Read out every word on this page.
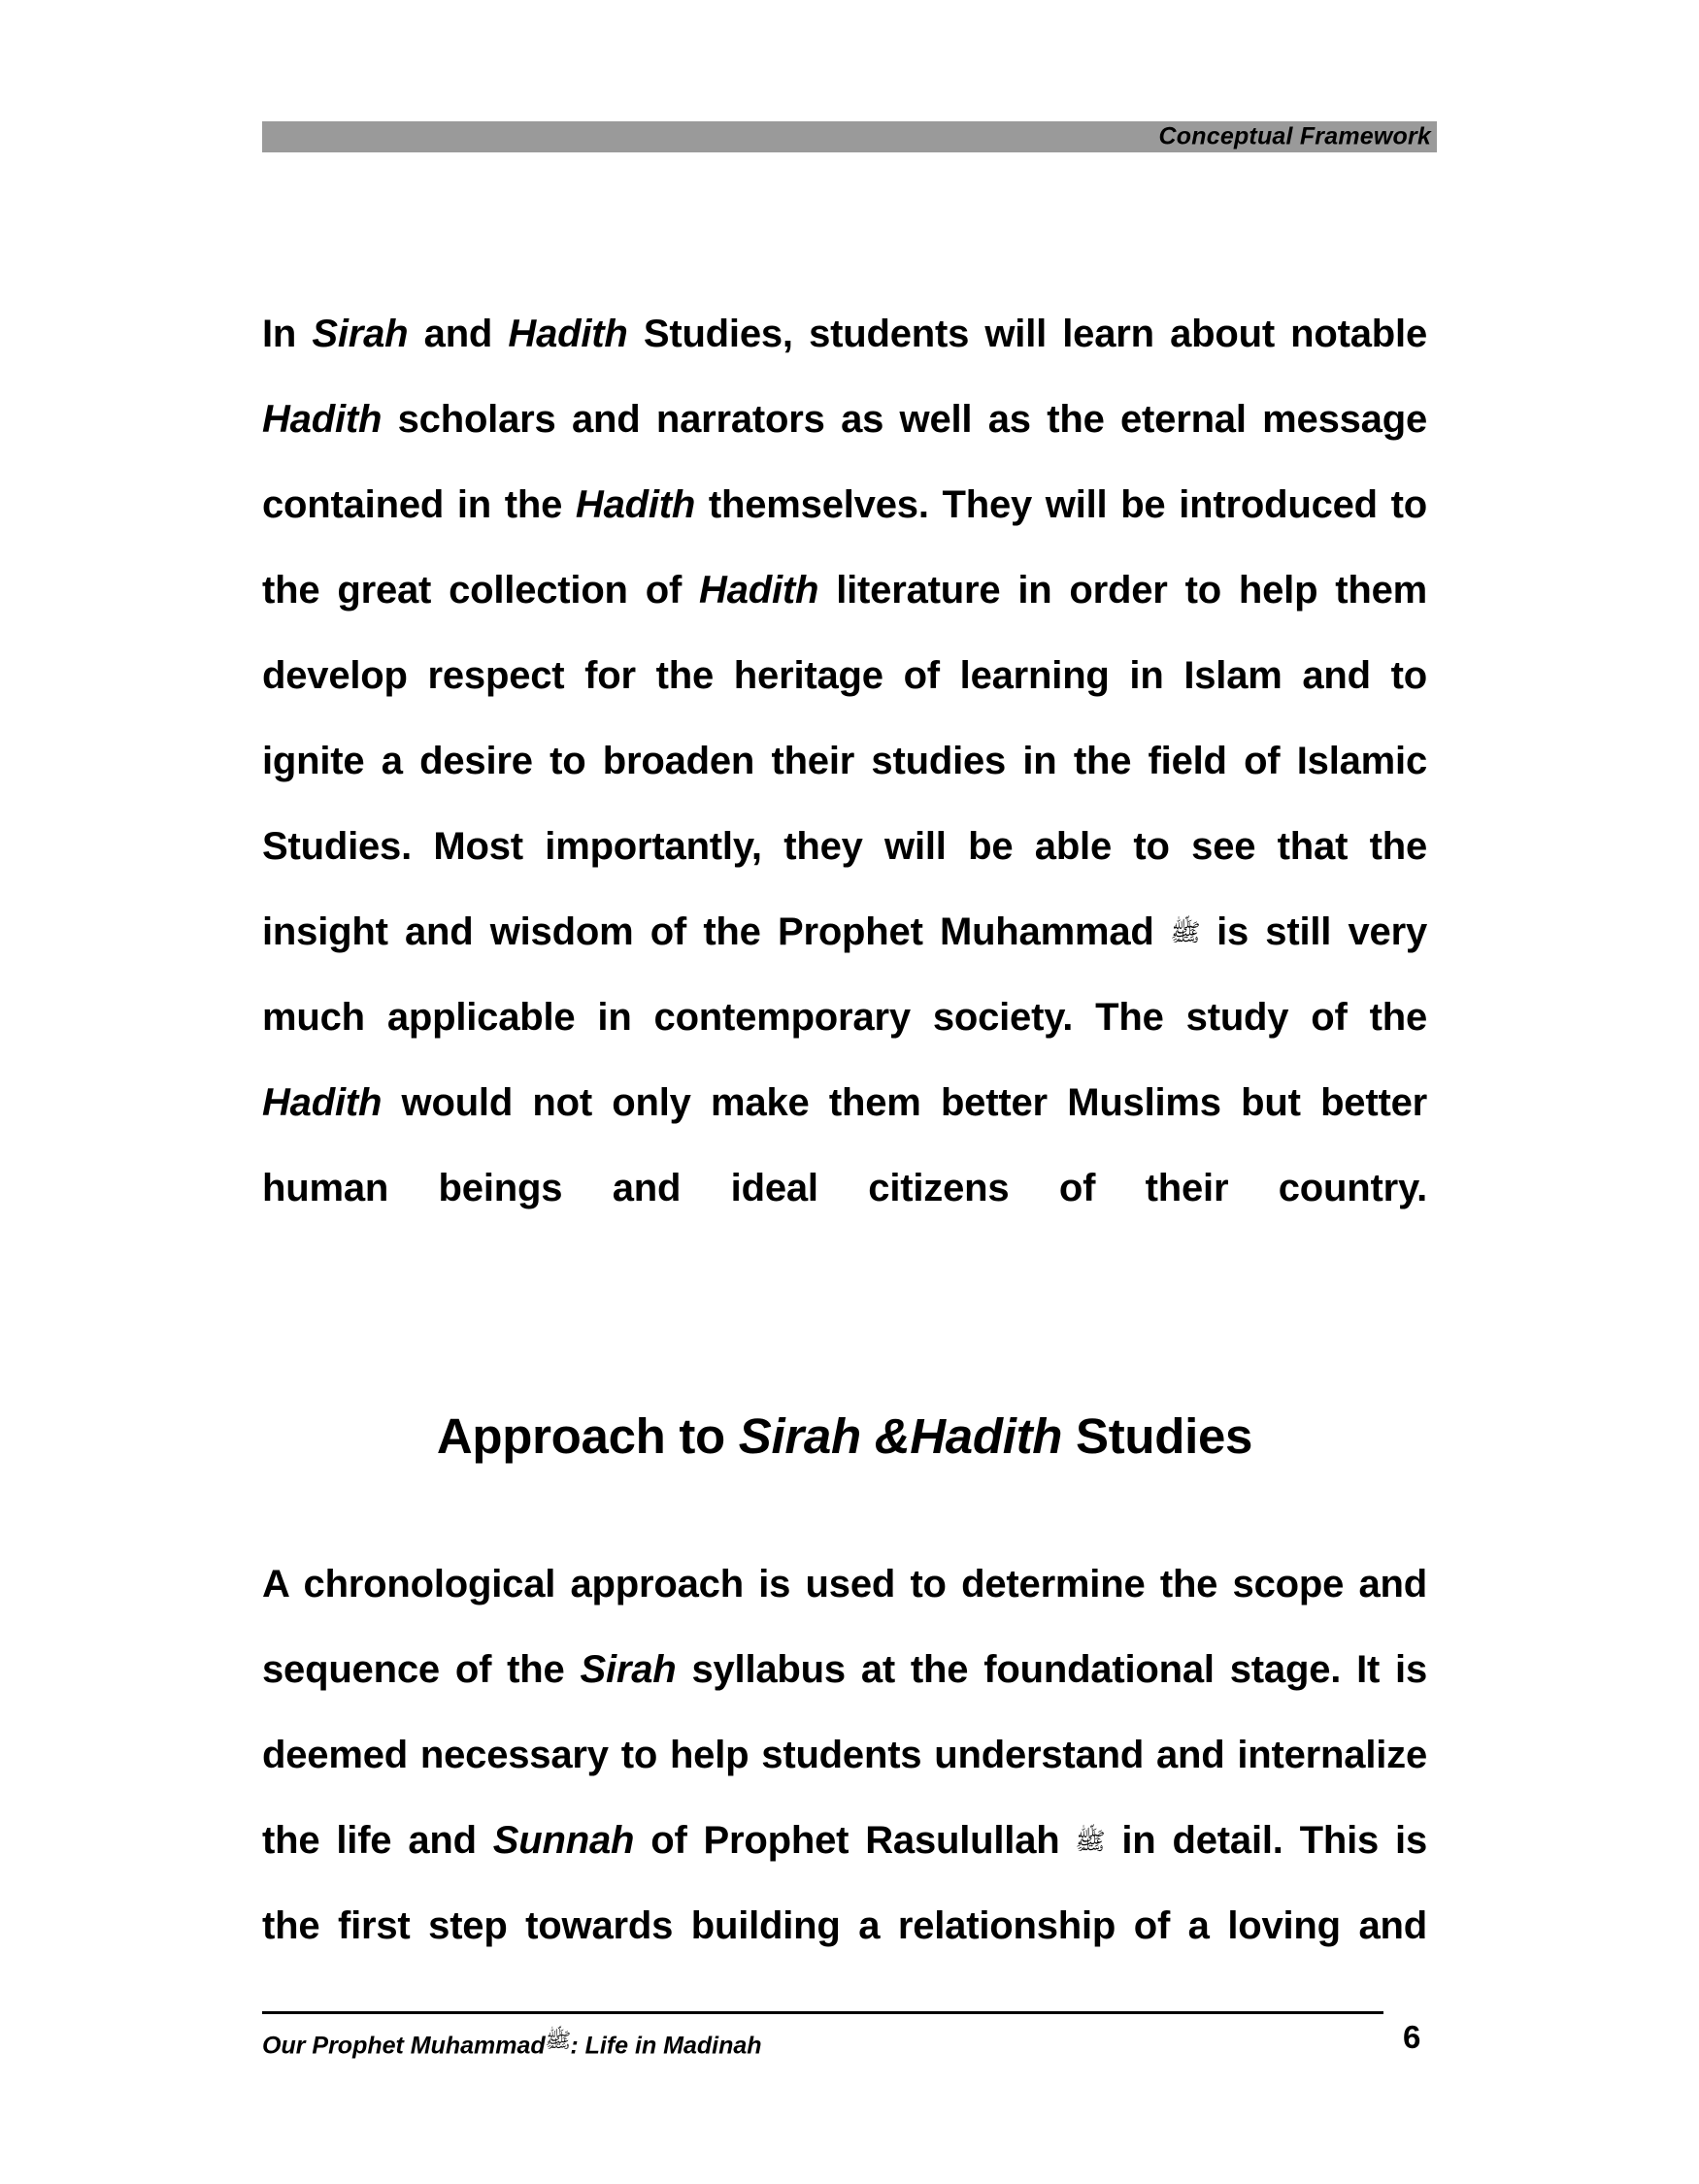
Conceptual Framework

In Sirah and Hadith Studies, students will learn about notable Hadith scholars and narrators as well as the eternal message contained in the Hadith themselves. They will be introduced to the great collection of Hadith literature in order to help them develop respect for the heritage of learning in Islam and to ignite a desire to broaden their studies in the field of Islamic Studies. Most importantly, they will be able to see that the insight and wisdom of the Prophet Muhammad ﷺ is still very much applicable in contemporary society. The study of the Hadith would not only make them better Muslims but better human beings and ideal citizens of their country.

Approach to Sirah &Hadith Studies

A chronological approach is used to determine the scope and sequence of the Sirah syllabus at the foundational stage. It is deemed necessary to help students understand and internalize the life and Sunnah of Prophet Rasulullah ﷺ in detail. This is the first step towards building a relationship of a loving and

Our Prophet Muhammadﷺ: Life in Madinah	6
